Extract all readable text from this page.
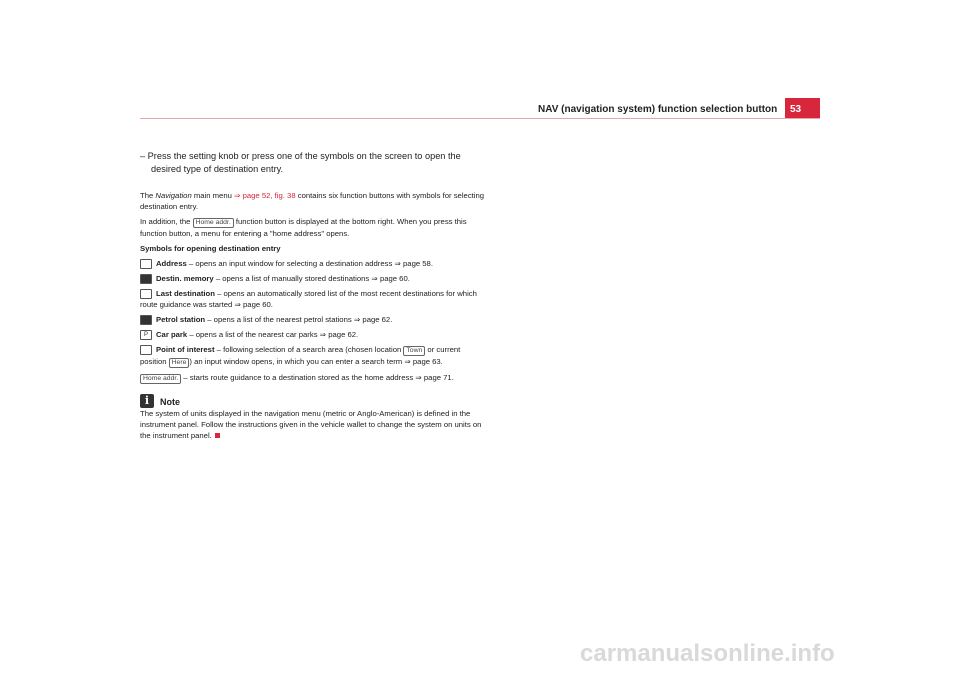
NAV (navigation system) function selection button	53
– Press the setting knob or press one of the symbols on the screen to open the desired type of destination entry.

The Navigation main menu ⇒ page 52, fig. 38 contains six function buttons with symbols for selecting destination entry.

In addition, the Home addr. function button is displayed at the bottom right. When you press this function button, a menu for entering a "home address" opens.

Symbols for opening destination entry

Address – opens an input window for selecting a destination address ⇒ page 58.

Destin. memory – opens a list of manually stored destinations ⇒ page 60.

Last destination – opens an automatically stored list of the most recent destinations for which route guidance was started ⇒ page 60.

Petrol station – opens a list of the nearest petrol stations ⇒ page 62.

P Car park – opens a list of the nearest car parks ⇒ page 62.

Point of interest – following selection of a search area (chosen location Town or current position Here ) an input window opens, in which you can enter a search term ⇒ page 63.

Home addr. – starts route guidance to a destination stored as the home address ⇒ page 71.

i	Note

The system of units displayed in the navigation menu (metric or Anglo-American) is defined in the instrument panel. Follow the instructions given in the vehicle wallet to change the system on units on the instrument panel.

carmanualsonline.info
